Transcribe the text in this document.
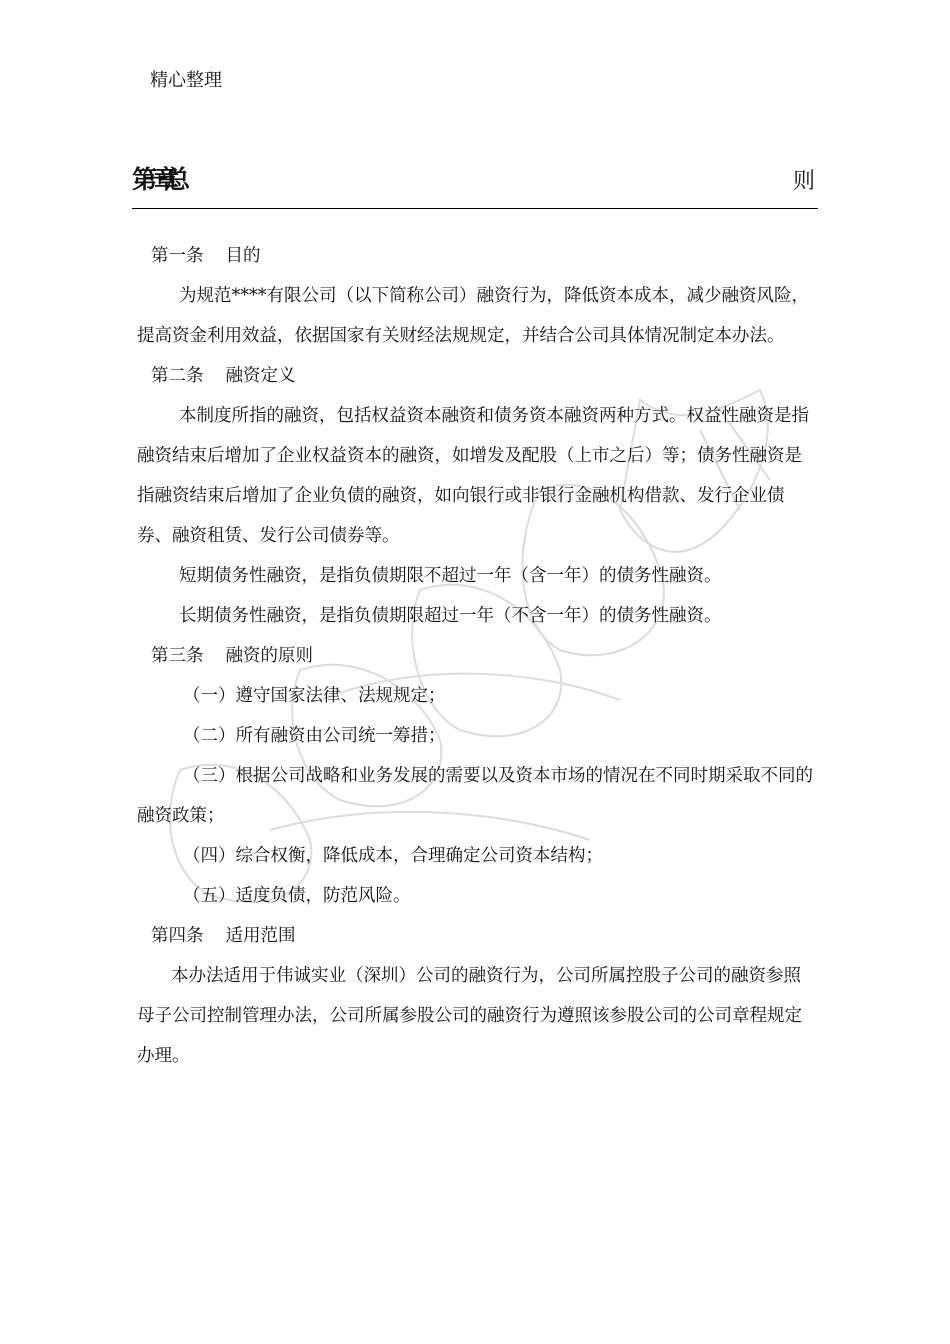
精心整理
第一章总	则

第一条 目的

为规范****有限公司（以下简称公司）融资行为，降低资本成本，减少融资风险，提高资金利用效益，依据国家有关财经法规规定，并结合公司具体情况制定本办法。

第二条 融资定义

本制度所指的融资，包括权益资本融资和债务资本融资两种方式。权益性融资是指融资结束后增加了企业权益资本的融资，如增发及配股（上市之后）等；债务性融资是指融资结束后增加了企业负债的融资，如向银行或非银行金融机构借款、发行企业债券、融资租赁、发行公司债券等。

短期债务性融资，是指负债期限不超过一年（含一年）的债务性融资。

长期债务性融资，是指负债期限超过一年（不含一年）的债务性融资。

第三条 融资的原则

（一）遵守国家法律、法规规定；

（二）所有融资由公司统一筹措；

（三）根据公司战略和业务发展的需要以及资本市场的情况在不同时期采取不同的融资政策；

（四）综合权衡，降低成本，合理确定公司资本结构；

（五）适度负债，防范风险。

第四条 适用范围

本办法适用于伟诚实业（深圳）公司的融资行为，公司所属控股子公司的融资参照母子公司控制管理办法，公司所属参股公司的融资行为遵照该参股公司的公司章程规定办理。
